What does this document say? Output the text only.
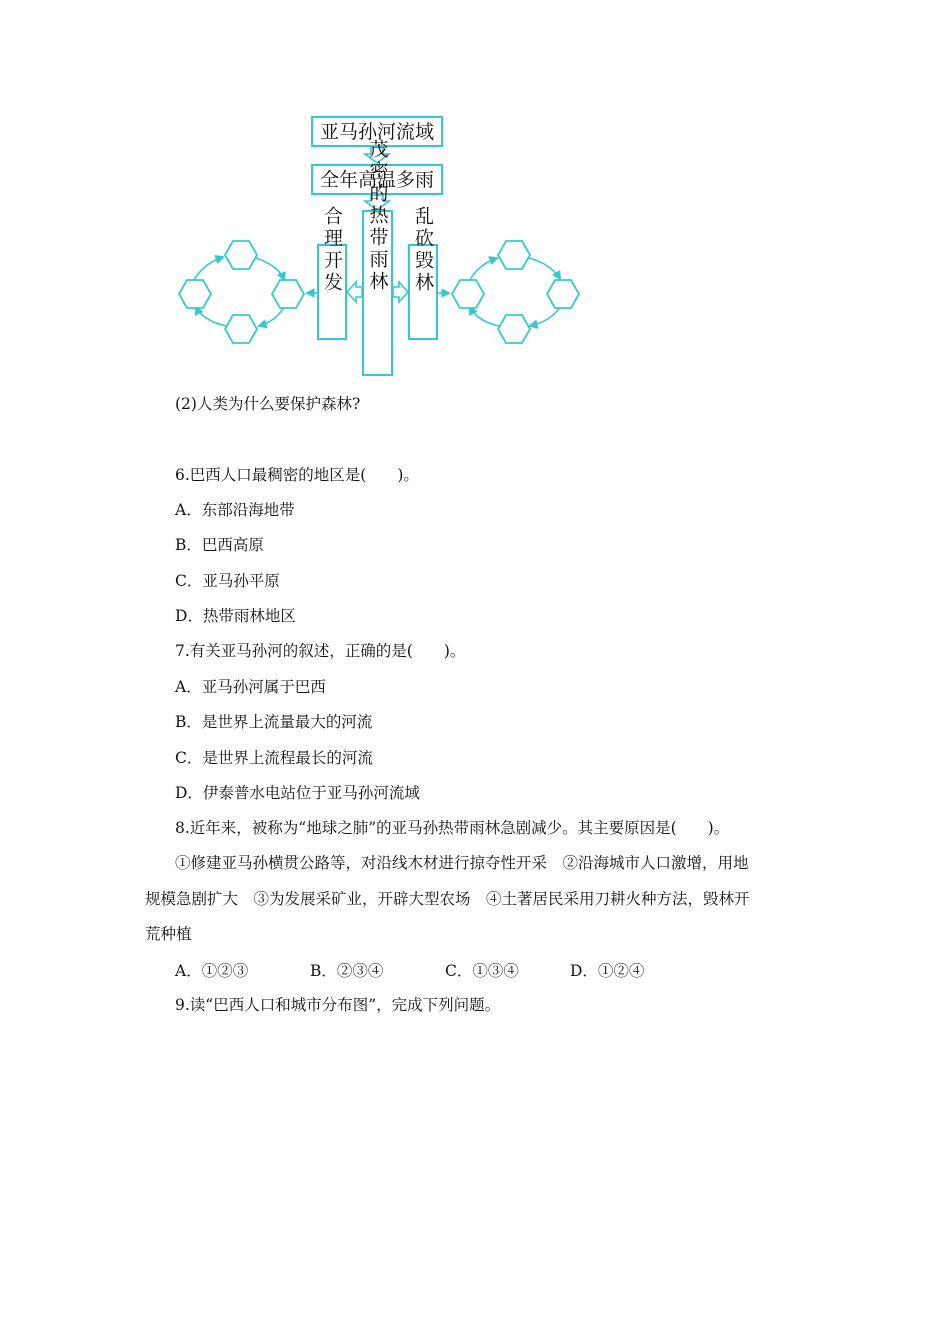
亚马孙河流域
全年高温多雨
茂密的热带雨林
合理开发	乱砍毁林
(2)人类为什么要保护森林?
6.巴西人口最稠密的地区是(　　)。
A．东部沿海地带
B．巴西高原
C．亚马孙平原
D．热带雨林地区
7.有关亚马孙河的叙述，正确的是(　　)。
A．亚马孙河属于巴西
B．是世界上流量最大的河流
C．是世界上流程最长的河流
D．伊泰普水电站位于亚马孙河流域
8.近年来，被称为“地球之肺”的亚马孙热带雨林急剧减少。其主要原因是(　　)。
①修建亚马孙横贯公路等，对沿线木材进行掠夺性开采　②沿海城市人口激增，用地
规模急剧扩大　③为发展采矿业，开辟大型农场　④土著居民采用刀耕火种方法，毁林开
荒种植
A．①②③	B．②③④	C．①③④	D．①②④
9.读“巴西人口和城市分布图”，完成下列问题。
